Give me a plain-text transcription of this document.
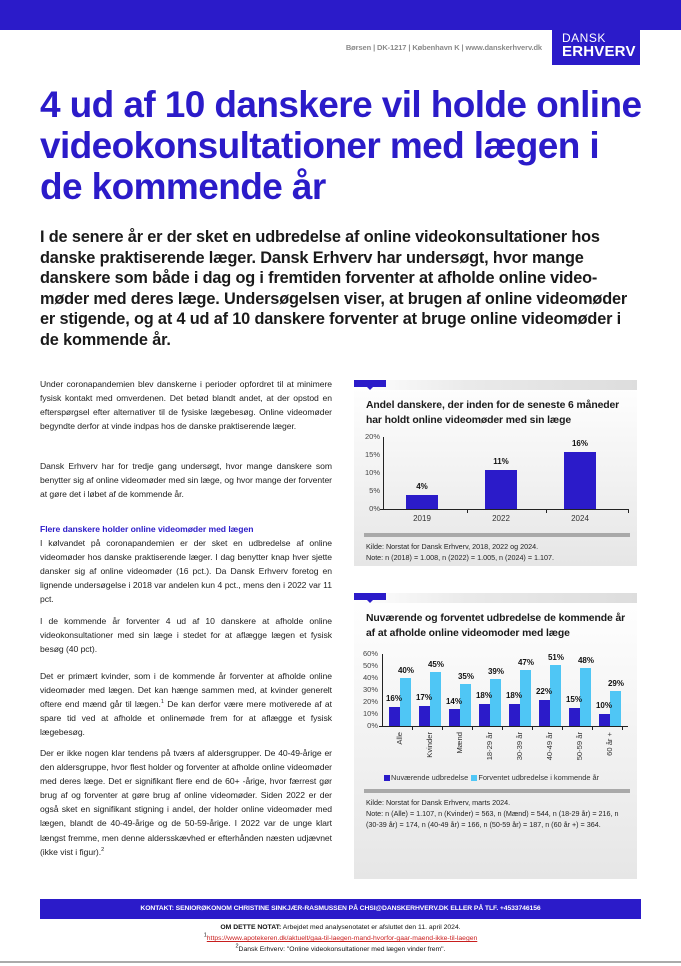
Børsen | DK-1217 | København K | www.danskerhverv.dk
DANSK
ERHVERV
4 ud af 10 danskere vil holde online videokonsultationer med lægen i de kommende år

I de senere år er der sket en udbredelse af online videokonsultationer hos danske praktiserende læger. Dansk Erhverv har undersøgt, hvor mange danskere som både i dag og i fremtiden forventer at afholde online videomøder med deres læge. Undersøgelsen viser, at brugen af online videomøder er stigende, og at 4 ud af 10 danskere forventer at bruge online videomøder i de kommende år.

Under coronapandemien blev danskerne i perioder opfordret til at minimere fysisk kontakt med omverdenen. Det betød blandt andet, at der opstod en efterspørgsel efter alternativer til de fysiske lægebesøg. Online videomøder begyndte derfor at vinde indpas hos de danske praktiserende læger.

Dansk Erhverv har for tredje gang undersøgt, hvor mange danskere som benytter sig af online videomøder med sin læge, og hvor mange der forventer at gøre det i løbet af de kommende år.

Flere danskere holder online videomøder med lægen

I kølvandet på coronapandemien er der sket en udbredelse af online videomøder hos danske praktiserende læger. I dag benytter knap hver sjette dansker sig af online videomøder (16 pct.). Da Dansk Erhverv foretog en lignende undersøgelse i 2018 var andelen kun 4 pct., mens den i 2022 var 11 pct.

I de kommende år forventer 4 ud af 10 danskere at afholde online videokonsultationer med sin læge i stedet for at aflægge lægen et fysisk besøg (40 pct).

Det er primært kvinder, som i de kommende år forventer at afholde online videomøder med lægen. Det kan hænge sammen med, at kvinder generelt oftere end mænd går til lægen.$^1$ De kan derfor være mere motiverede af at spare tid ved at afholde et onlinemøde frem for at aflægge et fysisk lægebesøg.

Der er ikke nogen klar tendens på tværs af aldersgrupper. De 40-49-årige er den aldersgruppe, hvor flest holder og forventer at afholde online videomøder med deres læge. Det er signifikant flere end de 60+ -årige, hvor færrest gør brug af og forventer at gøre brug af online videomøder. Siden 2022 er der også sket en signifikant stigning i andel, der holder online videomøder med lægen, blandt de 40-49-årige og de 50-59-årige. I 2022 var de unge klart længst fremme, men denne aldersskævhed er efterhånden næsten udjævnet (ikke vist i figur).$^2$

Andel danskere, der inden for de seneste 6 måneder har holdt online videomøder med sin læge
20%
15%
10%
5%
0%
4%
11%
16%
2019	2022	2024
Kilde: Norstat for Dansk Erhverv, 2018, 2022 og 2024.
Note: n (2018) = 1.008, n (2022) = 1.005, n (2024) = 1.107.
Nuværende og forventet udbredelse de kommende år af at afholde online videomoder med læge
60%
50%
40%
30%
20%
10%
0%
16%
40%
17%
45%
14%
35%
18%
39%
18%
47%
22%
51%
15%
48%
10%
29%
Alle	Kvinder	Mænd	18-29 år	30-39 år	40-49 år	50-59 år	60 år +
Nuværende udbredelse Forventet udbredelse i kommende år
Kilde: Norstat for Dansk Erhverv, marts 2024.
Note: n (Alle) = 1.107, n (Kvinder) = 563, n (Mænd) = 544, n (18-29 år) = 216, n (30-39 år) = 174, n (40-49 år) = 166, n (50-59 år) = 187, n (60 år +) = 364.
KONTAKT: SENIORØKONOM CHRISTINE SINKJÆR-RASMUSSEN PÅ CHSI@DANSKERHVERV.DK ELLER PÅ TLF. +4533746156
OM DETTE NOTAT: Arbejdet med analysenotatet er afsluttet den 11. april 2024.
$^1$https://www.apotekeren.dk/aktuelt/gaa-til-laegen-mand-hvorfor-gaar-maend-ikke-til-laegen
$^2$Dansk Erhverv: "Online videokonsultationer med lægen vinder frem".
